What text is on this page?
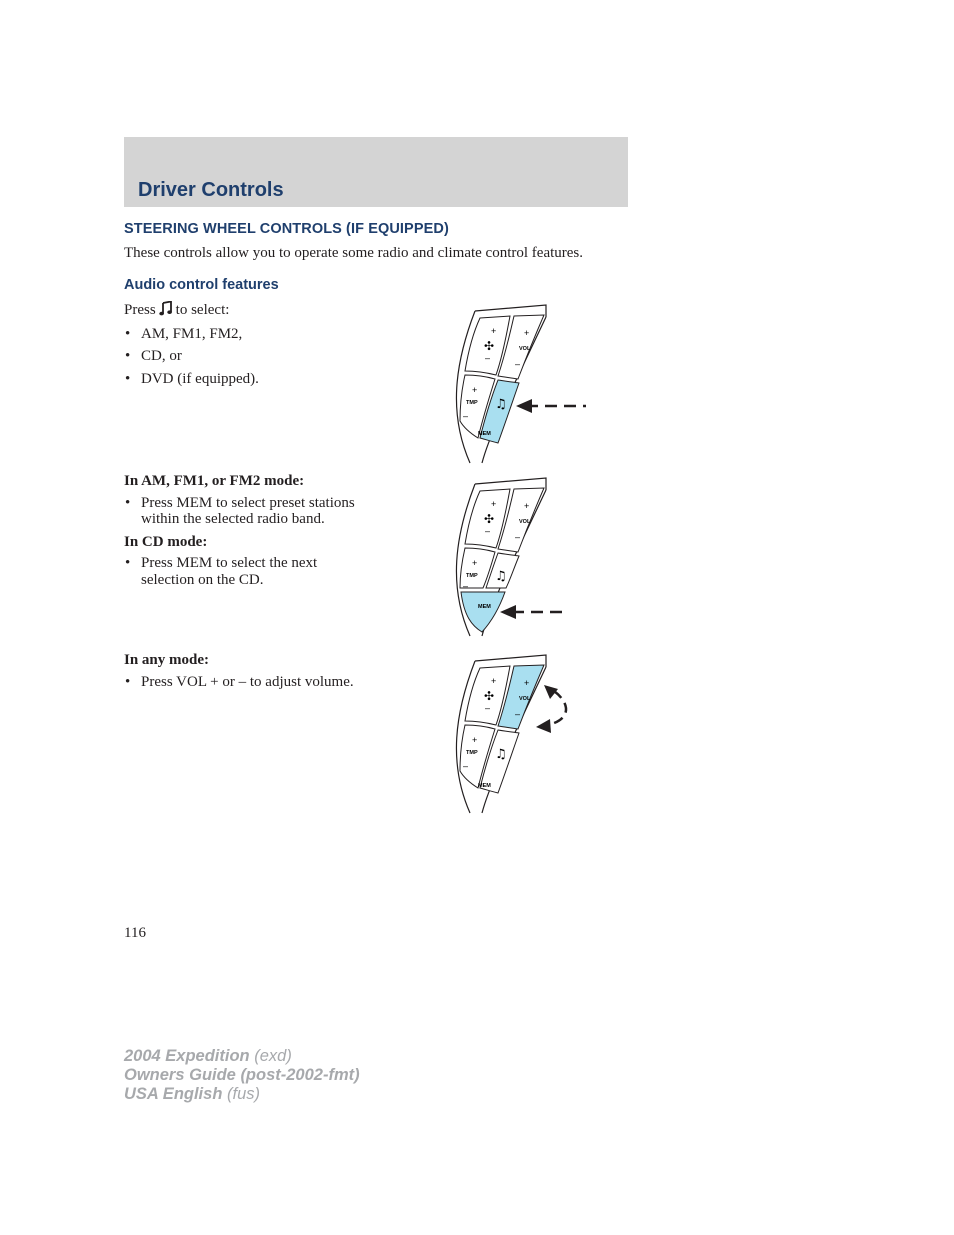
Driver Controls
STEERING WHEEL CONTROLS (IF EQUIPPED)

These controls allow you to operate some radio and climate control features.

Audio control features

Press to select:

• AM, FM1, FM2,
• CD, or
• DVD (if equipped).

In AM, FM1, or FM2 mode:

• Press MEM to select preset stations within the selected radio band.

In CD mode:

• Press MEM to select the next selection on the CD.

In any mode:

• Press VOL + or – to adjust volume.
+
–
✣
+
VOL
–
+
TMP
–
♫
MEM
+
–
✣
+
VOL
–
+
TMP
–
♫
MEM
+
–
✣
+
VOL
–
+
TMP
–
♫
MEM

116

2004 Expedition (exd)
Owners Guide (post-2002-fmt)
USA English (fus)
